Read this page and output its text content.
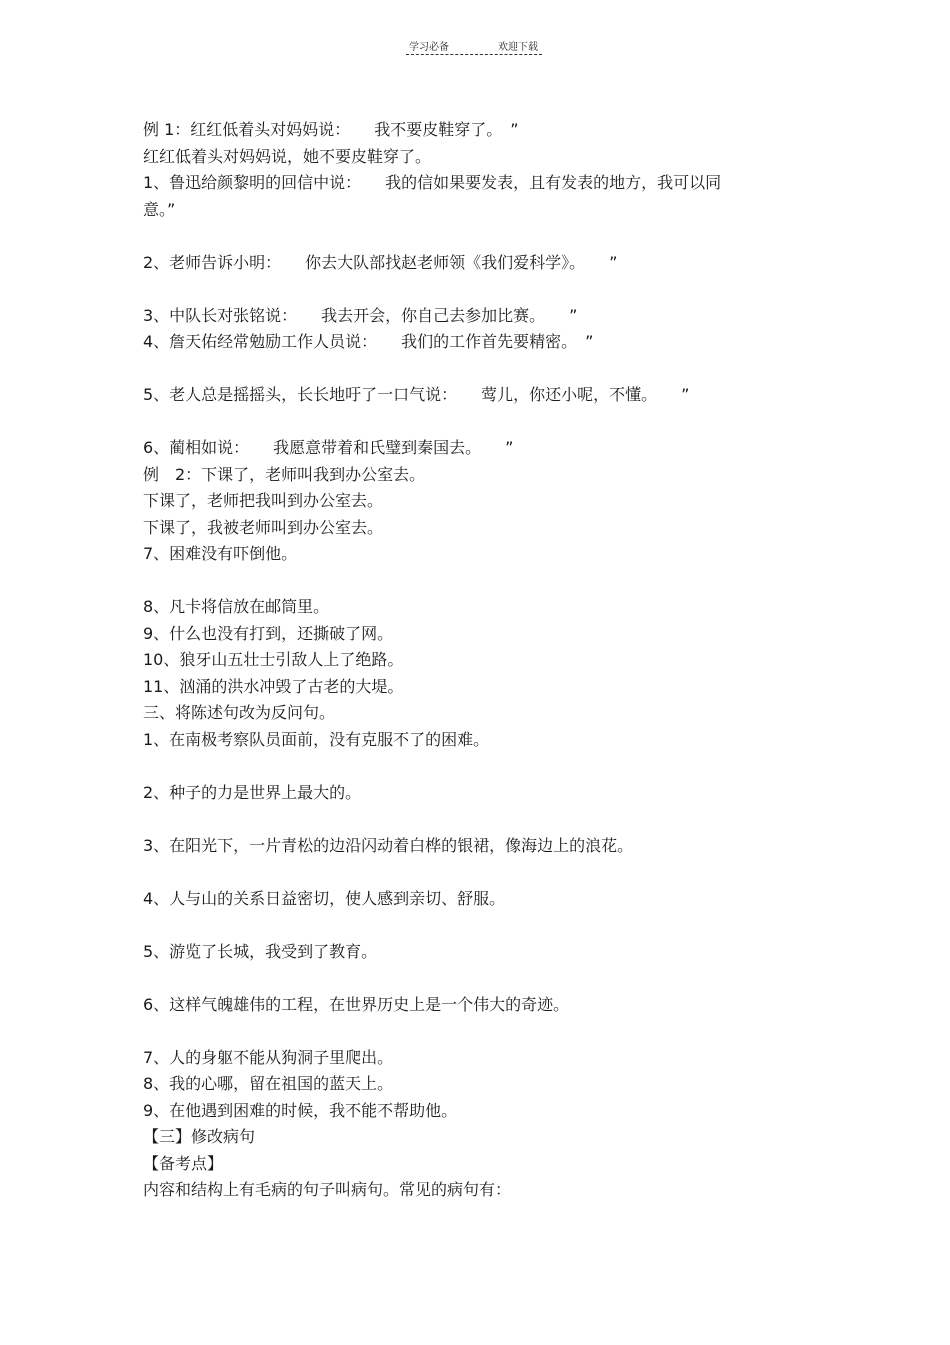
学习必备	欢迎下载
例 1：红红低着头对妈妈说：　　我不要皮鞋穿了。　”
红红低着头对妈妈说，她不要皮鞋穿了。
1、鲁迅给颜黎明的回信中说：　　我的信如果要发表，且有发表的地方，我可以同
意。”
2、老师告诉小明：　　你去大队部找赵老师领《我们爱科学》。　　”
3、中队长对张铭说：　　我去开会，你自己去参加比赛。　　”
4、詹天佑经常勉励工作人员说：　　我们的工作首先要精密。　”
5、老人总是摇摇头，长长地吁了一口气说：　　莺儿，你还小呢，不懂。　　”
6、蔺相如说：　　我愿意带着和氏璧到秦国去。　　”
例　2：下课了，老师叫我到办公室去。
下课了，老师把我叫到办公室去。
下课了，我被老师叫到办公室去。
7、困难没有吓倒他。
8、凡卡将信放在邮筒里。
9、什么也没有打到，还撕破了网。
10、狼牙山五壮士引敌人上了绝路。
11、汹涌的洪水冲毁了古老的大堤。
三、将陈述句改为反问句。
1、在南极考察队员面前，没有克服不了的困难。
2、种子的力是世界上最大的。
3、在阳光下，一片青松的边沿闪动着白桦的银裙，像海边上的浪花。
4、人与山的关系日益密切，使人感到亲切、舒服。
5、游览了长城，我受到了教育。
6、这样气魄雄伟的工程，在世界历史上是一个伟大的奇迹。
7、人的身躯不能从狗洞子里爬出。
8、我的心哪，留在祖国的蓝天上。
9、在他遇到困难的时候，我不能不帮助他。
【三】修改病句
【备考点】
内容和结构上有毛病的句子叫病句。常见的病句有：
